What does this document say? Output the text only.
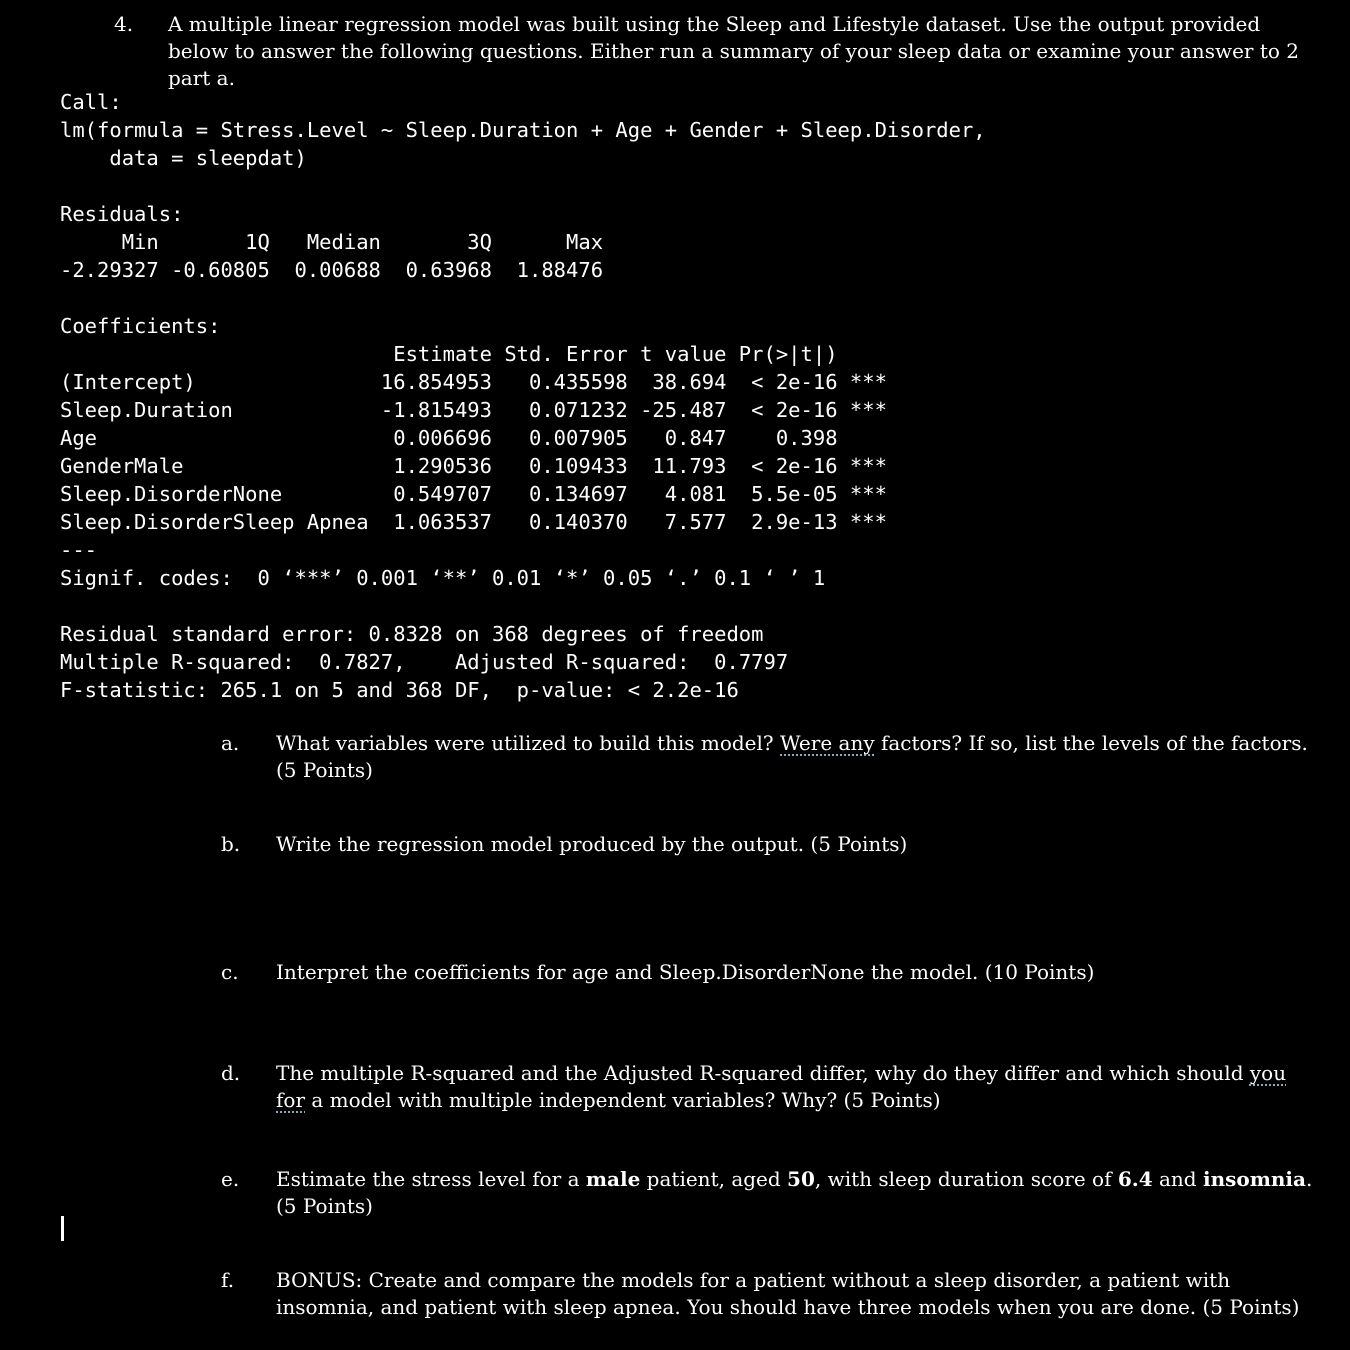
4. A multiple linear regression model was built using the Sleep and Lifestyle dataset. Use the output provided below to answer the following questions. Either run a summary of your sleep data or examine your answer to 2 part a.
Call:
lm(formula = Stress.Level ~ Sleep.Duration + Age + Gender + Sleep.Disorder,
data = sleepdat)

Residuals:
Min       1Q   Median       3Q      Max
-2.29327 -0.60805  0.00688  0.63968  1.88476

Coefficients:
Estimate Std. Error t value Pr(>|t|)
(Intercept)               16.854953   0.435598  38.694  < 2e-16 ***
Sleep.Duration            -1.815493   0.071232 -25.487  < 2e-16 ***
Age                        0.006696   0.007905   0.847    0.398
GenderMale                 1.290536   0.109433  11.793  < 2e-16 ***
Sleep.DisorderNone         0.549707   0.134697   4.081  5.5e-05 ***
Sleep.DisorderSleep Apnea  1.063537   0.140370   7.577  2.9e-13 ***
---
Signif. codes:  0 ‘***’ 0.001 ‘**’ 0.01 ‘*’ 0.05 ‘.’ 0.1 ‘ ’ 1

Residual standard error: 0.8328 on 368 degrees of freedom
Multiple R-squared:  0.7827,	Adjusted R-squared:  0.7797
F-statistic: 265.1 on 5 and 368 DF,  p-value: < 2.2e-16
a. What variables were utilized to build this model? Were any factors? If so, list the levels of the factors. (5 Points)
b. Write the regression model produced by the output. (5 Points)
c. Interpret the coefficients for age and Sleep.DisorderNone the model. (10 Points)
d. The multiple R-squared and the Adjusted R-squared differ, why do they differ and which should you for a model with multiple independent variables? Why? (5 Points)
e. Estimate the stress level for a male patient, aged 50, with sleep duration score of 6.4 and insomnia. (5 Points)
f. BONUS: Create and compare the models for a patient without a sleep disorder, a patient with insomnia, and patient with sleep apnea. You should have three models when you are done. (5 Points)
